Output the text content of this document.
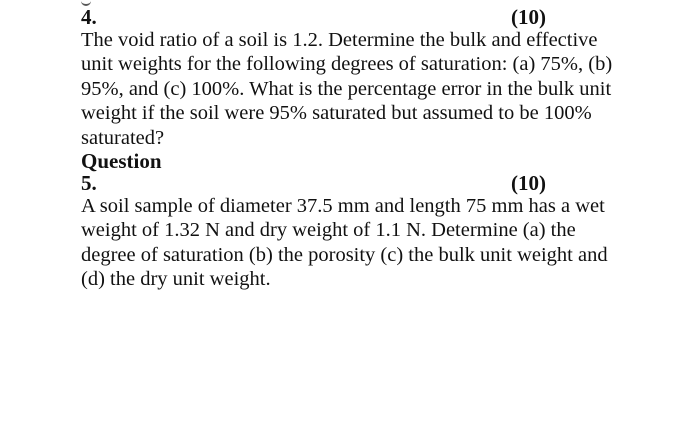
4.	(10)

The void ratio of a soil is 1.2. Determine the bulk and effective unit weights for the following degrees of saturation: (a) 75%, (b) 95%, and (c) 100%. What is the percentage error in the bulk unit weight if the soil were 95% saturated but assumed to be 100% saturated?

Question
5.	(10)

A soil sample of diameter 37.5 mm and length 75 mm has a wet weight of 1.32 N and dry weight of 1.1 N. Determine (a) the degree of saturation (b) the porosity (c) the bulk unit weight and (d) the dry unit weight.
